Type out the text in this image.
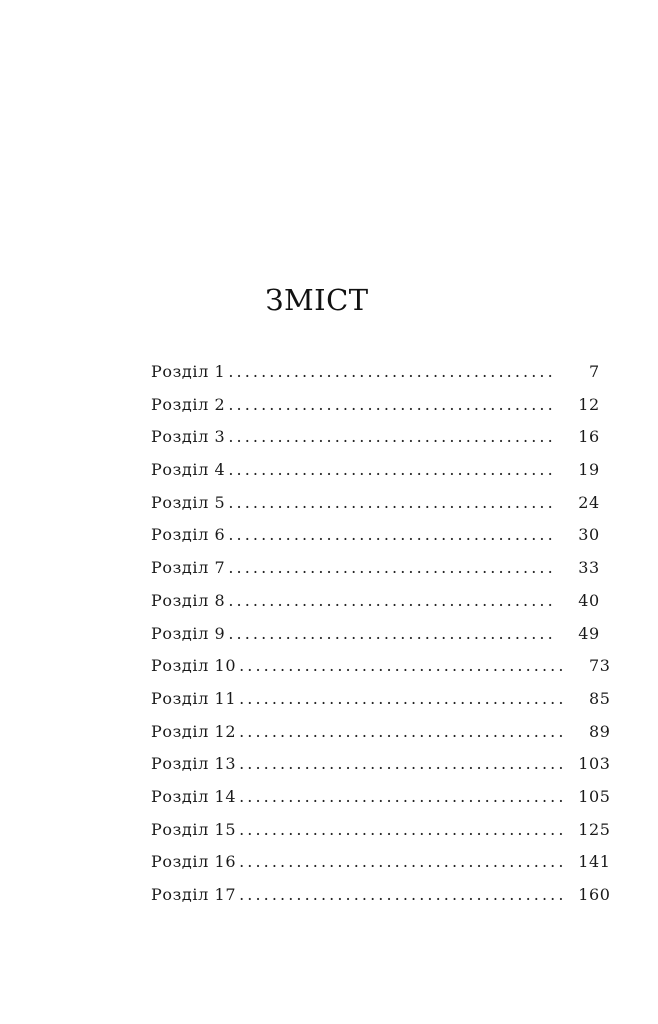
ЗМІСТ
Розділ 1 ........................................	7
Розділ 2 ........................................	12
Розділ 3 ........................................	16
Розділ 4 ........................................	19
Розділ 5 ........................................	24
Розділ 6 ........................................	30
Розділ 7 ........................................	33
Розділ 8 ........................................	40
Розділ 9 ........................................	49
Розділ 10 ........................................	73
Розділ 11 ........................................	85
Розділ 12 ........................................	89
Розділ 13 ........................................ 103
Розділ 14 ........................................ 105
Розділ 15 ........................................ 125
Розділ 16 ........................................ 141
Розділ 17 ........................................ 160
